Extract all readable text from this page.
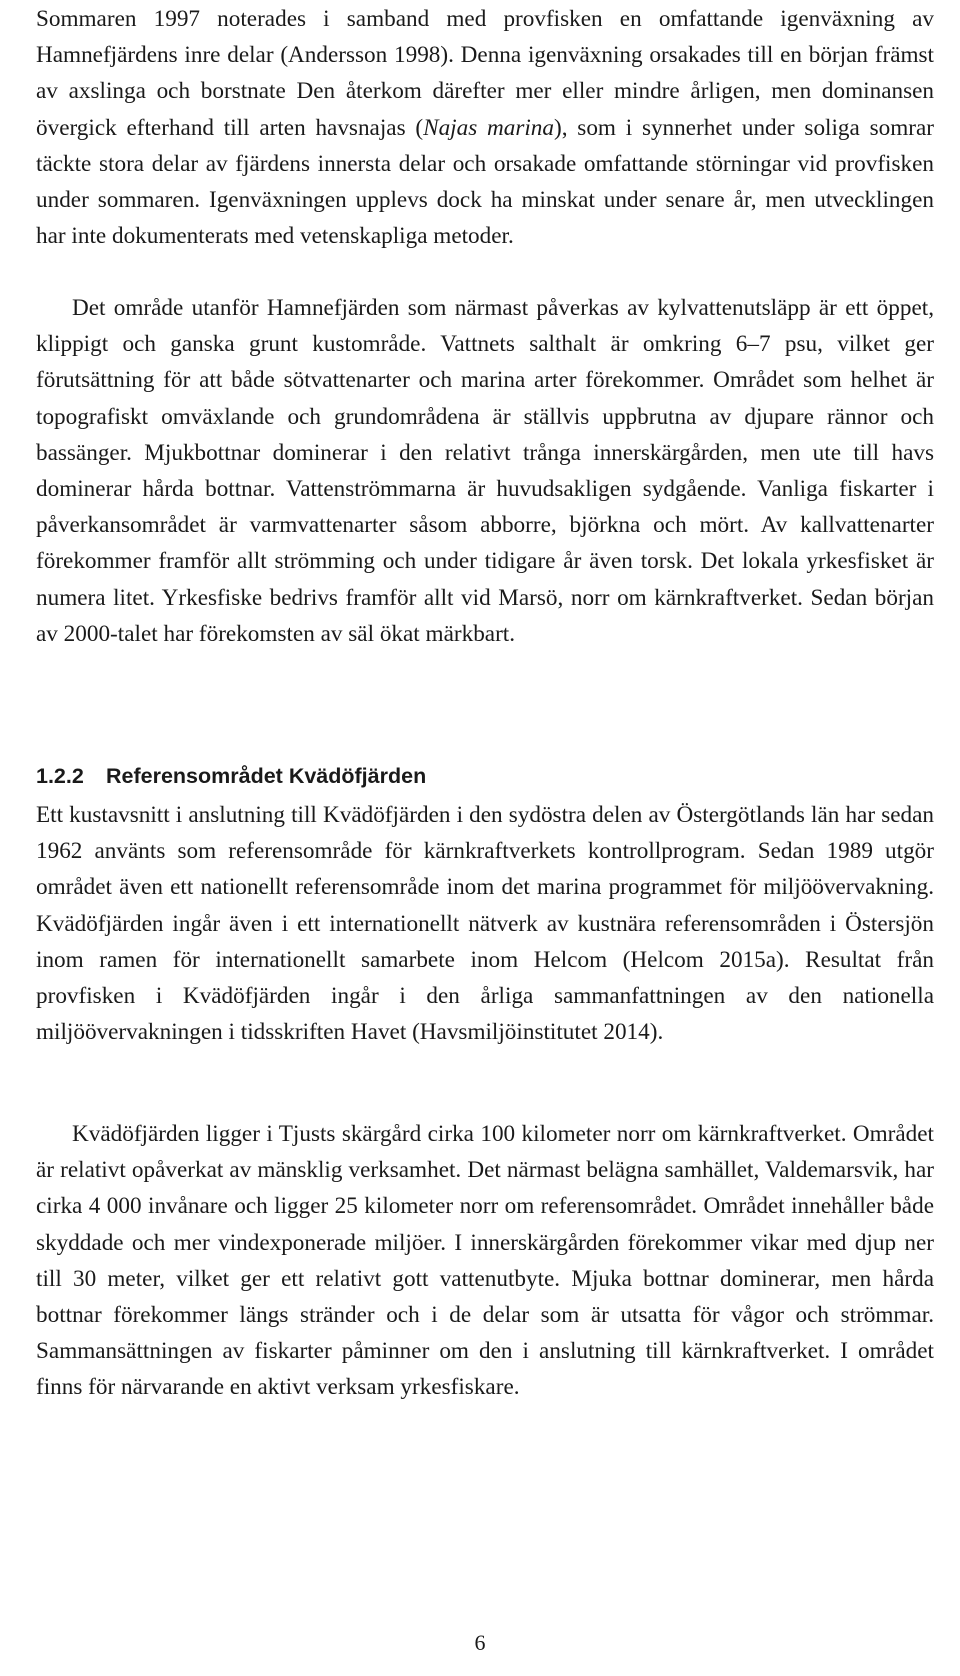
Sommaren 1997 noterades i samband med provfisken en omfattande igenväxning av Hamnefjärdens inre delar (Andersson 1998). Denna igenväxning orsakades till en början främst av axslinga och borstnate Den återkom därefter mer eller mindre årligen, men dominansen övergick efterhand till arten havsnajas (Najas marina), som i synnerhet under soliga somrar täckte stora delar av fjärdens innersta delar och orsakade omfattande störningar vid provfisken under sommaren. Igenväxningen upplevs dock ha minskat under senare år, men utvecklingen har inte dokumenterats med vetenskapliga metoder.

Det område utanför Hamnefjärden som närmast påverkas av kylvattenutsläpp är ett öppet, klippigt och ganska grunt kustområde. Vattnets salthalt är omkring 6–7 psu, vilket ger förutsättning för att både sötvattenarter och marina arter förekommer. Området som helhet är topografiskt omväxlande och grundområdena är ställvis uppbrutna av djupare rännor och bassänger. Mjukbottnar dominerar i den relativt trånga innerskärgården, men ute till havs dominerar hårda bottnar. Vattenströmmarna är huvudsakligen sydgående. Vanliga fiskarter i påverkansområdet är varmvattenarter såsom abborre, björkna och mört. Av kallvattenarter förekommer framför allt strömming och under tidigare år även torsk. Det lokala yrkesfisket är numera litet. Yrkesfiske bedrivs framför allt vid Marsö, norr om kärnkraftverket. Sedan början av 2000-talet har förekomsten av säl ökat märkbart.

1.2.2 Referensområdet Kvädöfjärden

Ett kustavsnitt i anslutning till Kvädöfjärden i den sydöstra delen av Östergötlands län har sedan 1962 använts som referensområde för kärnkraftverkets kontrollprogram. Sedan 1989 utgör området även ett nationellt referensområde inom det marina programmet för miljöövervakning. Kvädöfjärden ingår även i ett internationellt nätverk av kustnära referensområden i Östersjön inom ramen för internationellt samarbete inom Helcom (Helcom 2015a). Resultat från provfisken i Kvädöfjärden ingår i den årliga sammanfattningen av den nationella miljöövervakningen i tidsskriften Havet (Havsmiljöinstitutet 2014).

Kvädöfjärden ligger i Tjusts skärgård cirka 100 kilometer norr om kärnkraftverket. Området är relativt opåverkat av mänsklig verksamhet. Det närmast belägna samhället, Valdemarsvik, har cirka 4 000 invånare och ligger 25 kilometer norr om referensområdet. Området innehåller både skyddade och mer vindexponerade miljöer. I innerskärgården förekommer vikar med djup ner till 30 meter, vilket ger ett relativt gott vattenutbyte. Mjuka bottnar dominerar, men hårda bottnar förekommer längs stränder och i de delar som är utsatta för vågor och strömmar. Sammansättningen av fiskarter påminner om den i anslutning till kärnkraftverket. I området finns för närvarande en aktivt verksam yrkesfiskare.

6
